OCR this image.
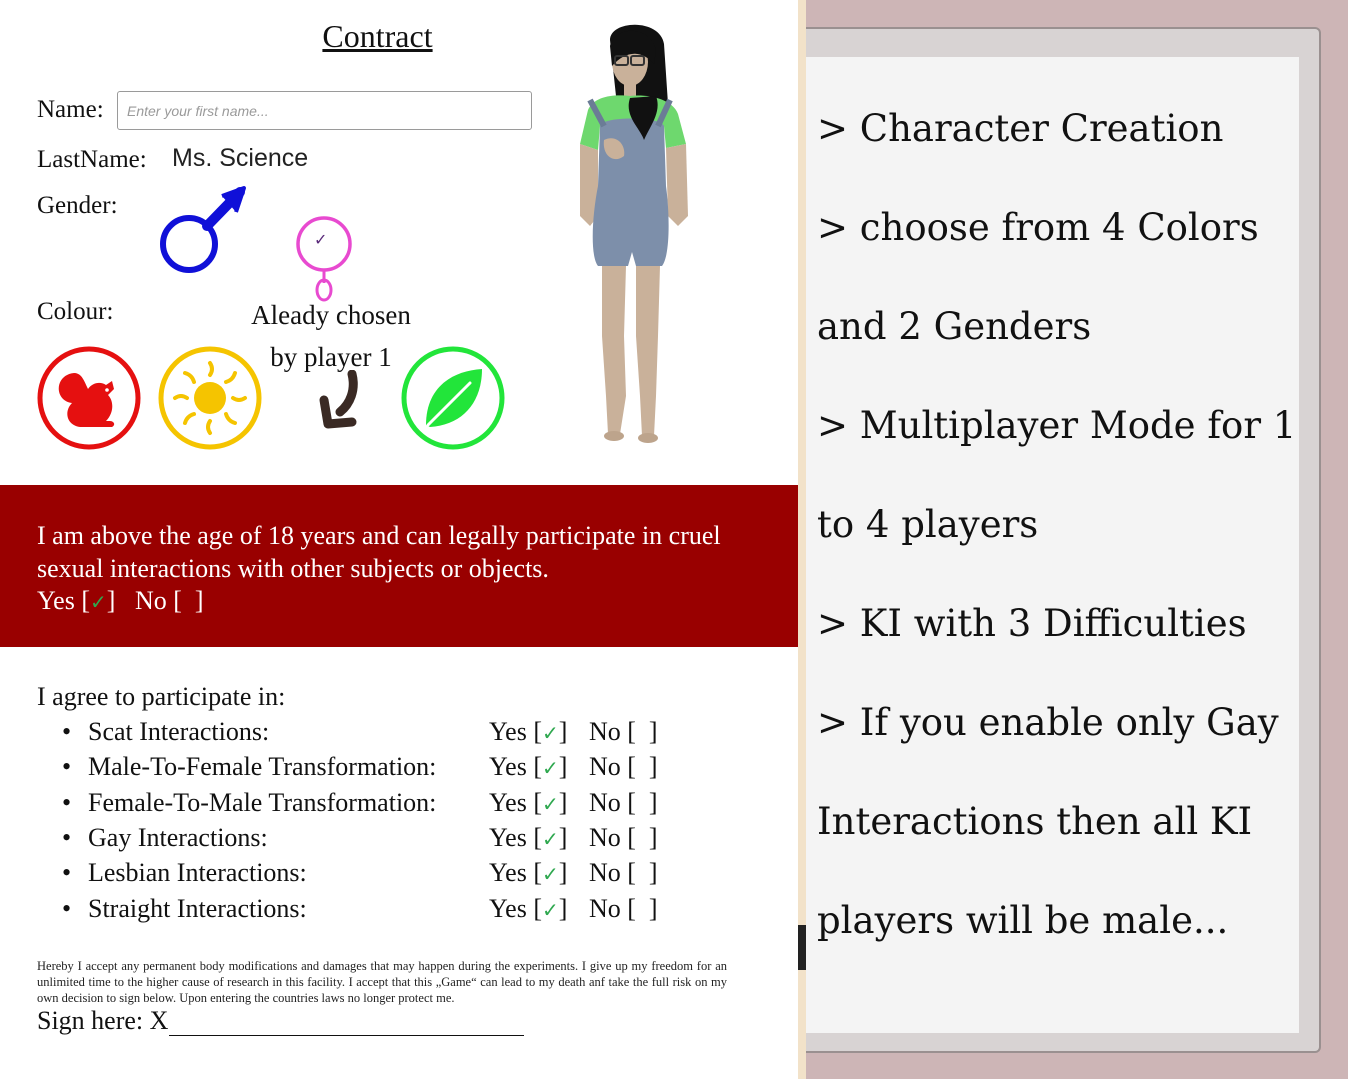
Contract
Name:
Enter your first name...
LastName: Ms. Science
Gender:
✓
Colour:	Aleady chosen
by player 1
I am above the age of 18 years and can legally participate in cruel sexual interactions with other subjects or objects.
Yes [✓] No [  ]
I agree to participate in:
• Scat Interactions:	Yes [✓] No [  ]
• Male-To-Female Transformation: Yes [✓] No [  ]
• Female-To-Male Transformation: Yes [✓] No [  ]
• Gay Interactions:	Yes [✓] No [  ]
• Lesbian Interactions:	Yes [✓] No [  ]
• Straight Interactions:	Yes [✓] No [  ]
Hereby I accept any permanent body modifications and damages that may happen during the experiments. I give up my freedom for an unlimited time to the higher cause of research in this facility. I accept that this „Game“ can lead to my death anf take the full risk on my own decision to sign below. Upon entering the countries laws no longer protect me.
Sign here: X
> Character Creation
> choose from 4 Colors
and 2 Genders
> Multiplayer Mode for 1
to 4 players
> KI with 3 Difficulties
> If you enable only Gay
Interactions then all KI
players will be male...
